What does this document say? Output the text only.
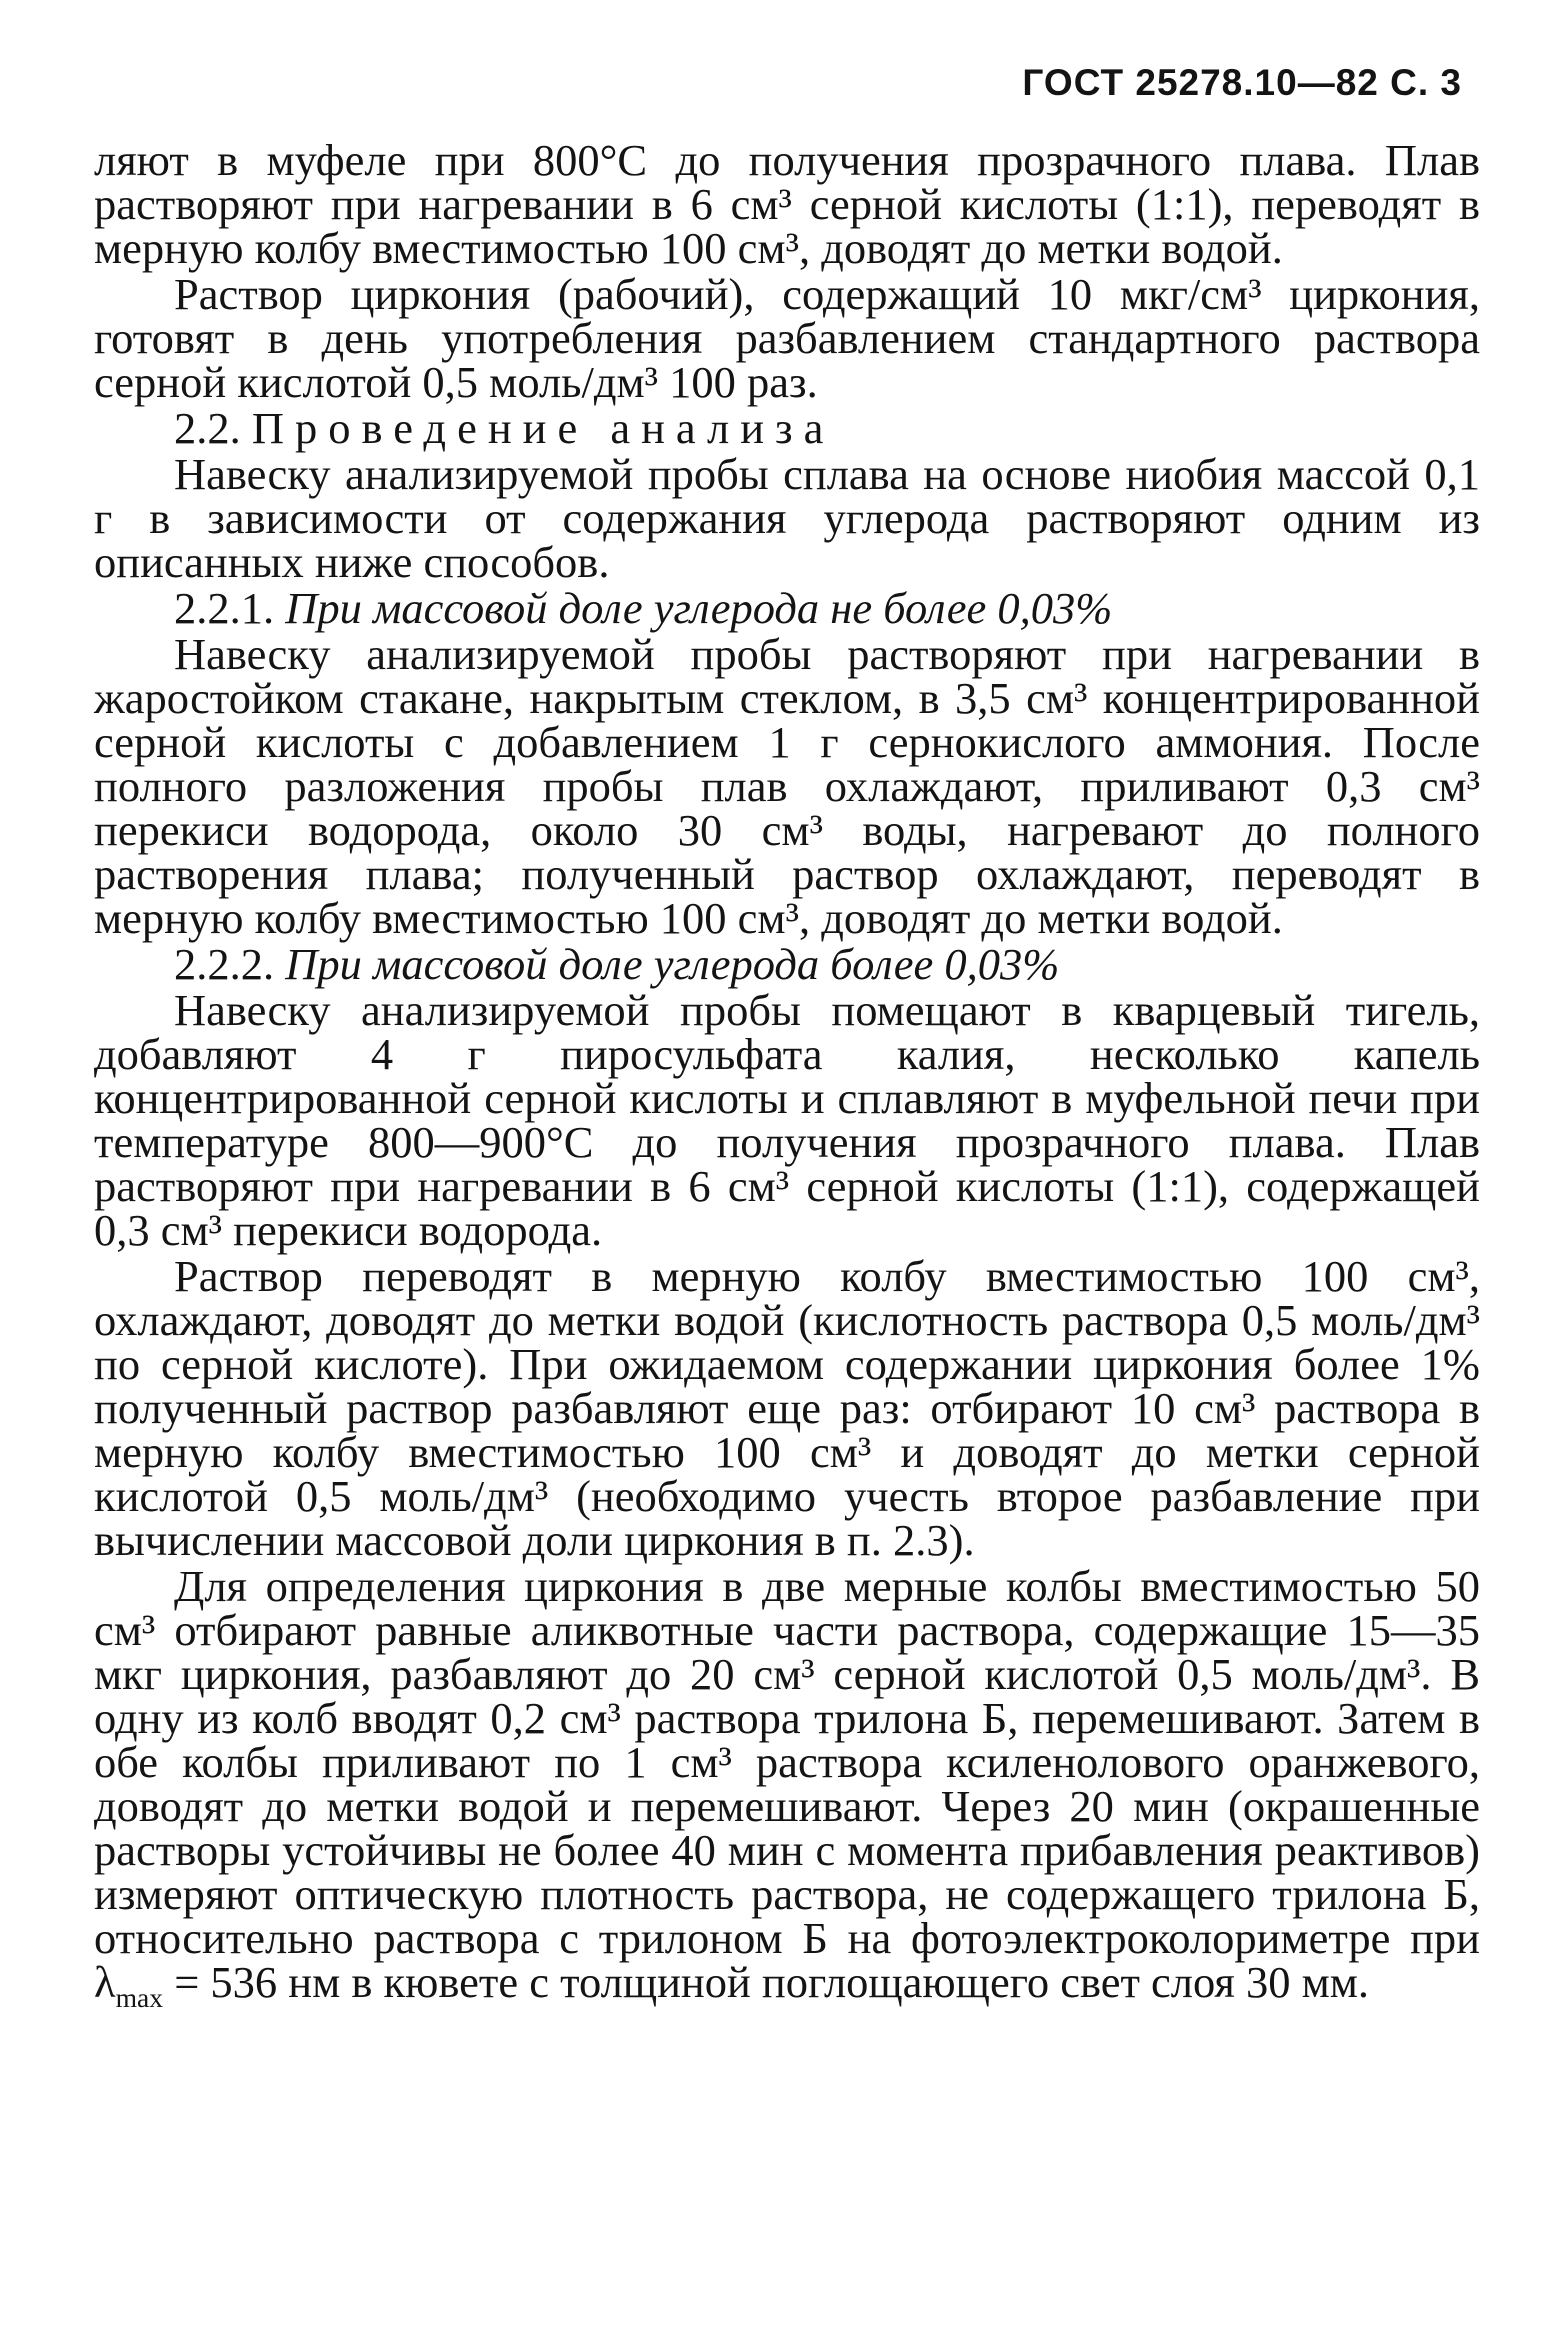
ГОСТ 25278.10—82 С. 3

ляют в муфеле при 800°С до получения прозрачного плава. Плав растворяют при нагревании в 6 см³ серной кислоты (1:1), переводят в мерную колбу вместимостью 100 см³, доводят до метки водой.

Раствор циркония (рабочий), содержащий 10 мкг/см³ циркония, готовят в день употребления разбавлением стандартного раствора серной кислотой 0,5 моль/дм³ 100 раз.

2.2. Проведение анализа

Навеску анализируемой пробы сплава на основе ниобия массой 0,1 г в зависимости от содержания углерода растворяют одним из описанных ниже способов.

2.2.1. При массовой доле углерода не более 0,03%

Навеску анализируемой пробы растворяют при нагревании в жаростойком стакане, накрытым стеклом, в 3,5 см³ концентрированной серной кислоты с добавлением 1 г сернокислого аммония. После полного разложения пробы плав охлаждают, приливают 0,3 см³ перекиси водорода, около 30 см³ воды, нагревают до полного растворения плава; полученный раствор охлаждают, переводят в мерную колбу вместимостью 100 см³, доводят до метки водой.

2.2.2. При массовой доле углерода более 0,03%

Навеску анализируемой пробы помещают в кварцевый тигель, добавляют 4 г пиросульфата калия, несколько капель концентрированной серной кислоты и сплавляют в муфельной печи при температуре 800—900°С до получения прозрачного плава. Плав растворяют при нагревании в 6 см³ серной кислоты (1:1), содержащей 0,3 см³ перекиси водорода.

Раствор переводят в мерную колбу вместимостью 100 см³, охлаждают, доводят до метки водой (кислотность раствора 0,5 моль/дм³ по серной кислоте). При ожидаемом содержании циркония более 1% полученный раствор разбавляют еще раз: отбирают 10 см³ раствора в мерную колбу вместимостью 100 см³ и доводят до метки серной кислотой 0,5 моль/дм³ (необходимо учесть второе разбавление при вычислении массовой доли циркония в п. 2.3).

Для определения циркония в две мерные колбы вместимостью 50 см³ отбирают равные аликвотные части раствора, содержащие 15—35 мкг циркония, разбавляют до 20 см³ серной кислотой 0,5 моль/дм³. В одну из колб вводят 0,2 см³ раствора трилона Б, перемешивают. Затем в обе колбы приливают по 1 см³ раствора ксиленолового оранжевого, доводят до метки водой и перемешивают. Через 20 мин (окрашенные растворы устойчивы не более 40 мин с момента прибавления реактивов) измеряют оптическую плотность раствора, не содержащего трилона Б, относительно раствора с трилоном Б на фотоэлектроколориметре при $\lambda_{max} = 536$ нм в кювете с толщиной поглощающего свет слоя 30 мм.
